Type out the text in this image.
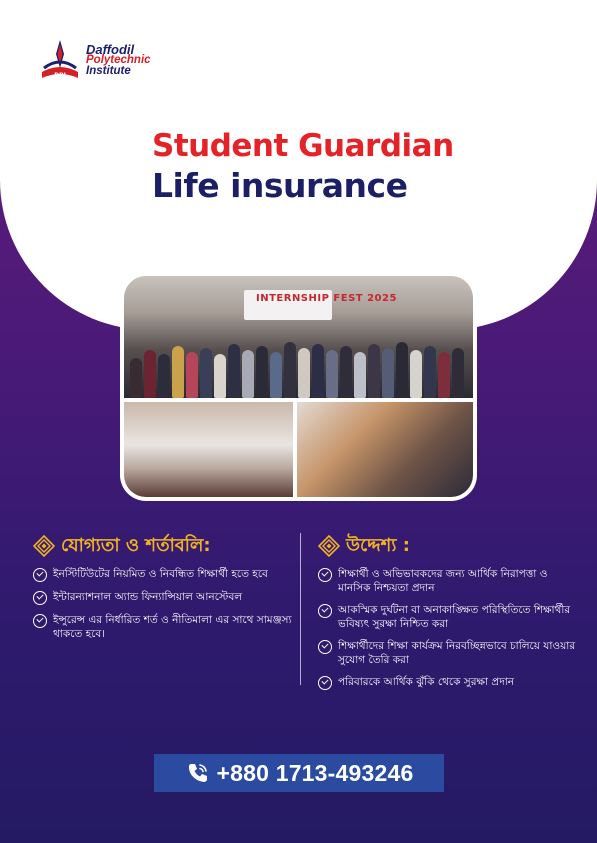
DPI
Daffodil
Polytechnic
Institute
Student Guardian
Life insurance
INTERNSHIP FEST 2025
যোগ্যতা ও শর্তাবলি:
ইনস্টিটিউটের নিয়মিত ও নিবন্ধিত শিক্ষার্থী হতে হবে
ইন্টারন্যাশনাল অ্যান্ড ফিন্যান্সিয়াল আনস্টেবল
ইন্সুরেন্স এর নির্ধারিত শর্ত ও নীতিমালা এর সাথে সামঞ্জস্য থাকতে হবে।
উদ্দেশ্য :
শিক্ষার্থী ও অভিভাবকদের জন্য আর্থিক নিরাপত্তা ও মানসিক নিশ্চয়তা প্রদান
আকস্মিক দুর্ঘটনা বা অনাকাঙ্ক্ষিত পরিস্থিতিতে শিক্ষার্থীর ভবিষ্যৎ সুরক্ষা নিশ্চিত করা
শিক্ষার্থীদের শিক্ষা কার্যক্রম নিরবচ্ছিন্নভাবে চালিয়ে যাওয়ার সুযোগ তৈরি করা
পরিবারকে আর্থিক ঝুঁকি থেকে সুরক্ষা প্রদান
+880 1713-493246
